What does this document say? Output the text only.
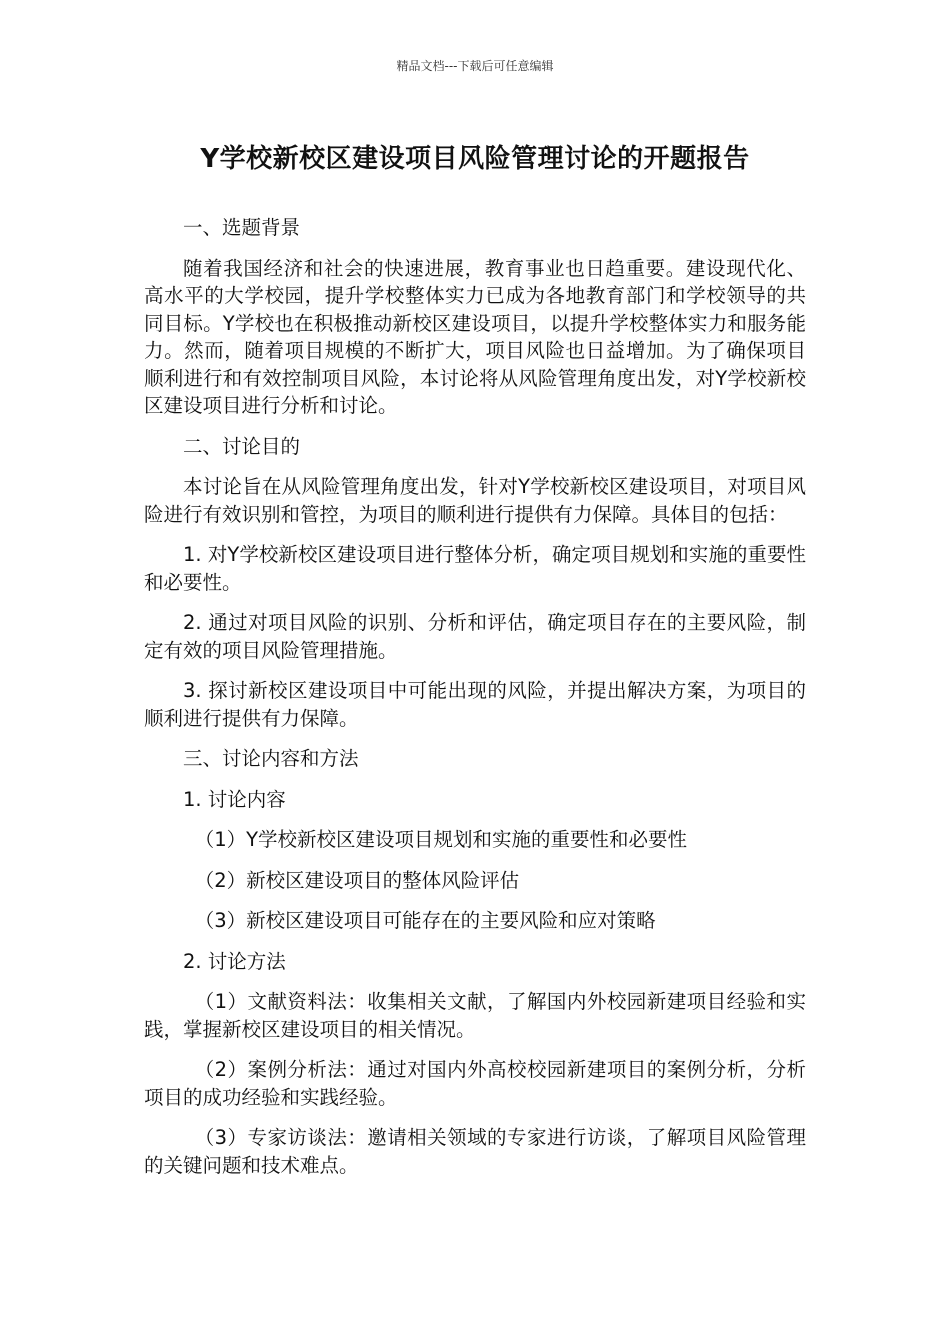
精品文档---下载后可任意编辑
Y学校新校区建设项目风险管理讨论的开题报告

一、选题背景

随着我国经济和社会的快速进展，教育事业也日趋重要。建设现代化、高水平的大学校园，提升学校整体实力已成为各地教育部门和学校领导的共同目标。Y学校也在积极推动新校区建设项目，以提升学校整体实力和服务能力。然而，随着项目规模的不断扩大，项目风险也日益增加。为了确保项目顺利进行和有效控制项目风险，本讨论将从风险管理角度出发，对Y学校新校区建设项目进行分析和讨论。

二、讨论目的

本讨论旨在从风险管理角度出发，针对Y学校新校区建设项目，对项目风险进行有效识别和管控，为项目的顺利进行提供有力保障。具体目的包括：

1. 对Y学校新校区建设项目进行整体分析，确定项目规划和实施的重要性和必要性。

2. 通过对项目风险的识别、分析和评估，确定项目存在的主要风险，制定有效的项目风险管理措施。

3. 探讨新校区建设项目中可能出现的风险，并提出解决方案，为项目的顺利进行提供有力保障。

三、讨论内容和方法

1. 讨论内容

（1）Y学校新校区建设项目规划和实施的重要性和必要性

（2）新校区建设项目的整体风险评估

（3）新校区建设项目可能存在的主要风险和应对策略

2. 讨论方法

（1）文献资料法：收集相关文献，了解国内外校园新建项目经验和实践，掌握新校区建设项目的相关情况。

（2）案例分析法：通过对国内外高校校园新建项目的案例分析，分析项目的成功经验和实践经验。

（3）专家访谈法：邀请相关领域的专家进行访谈，了解项目风险管理的关键问题和技术难点。
